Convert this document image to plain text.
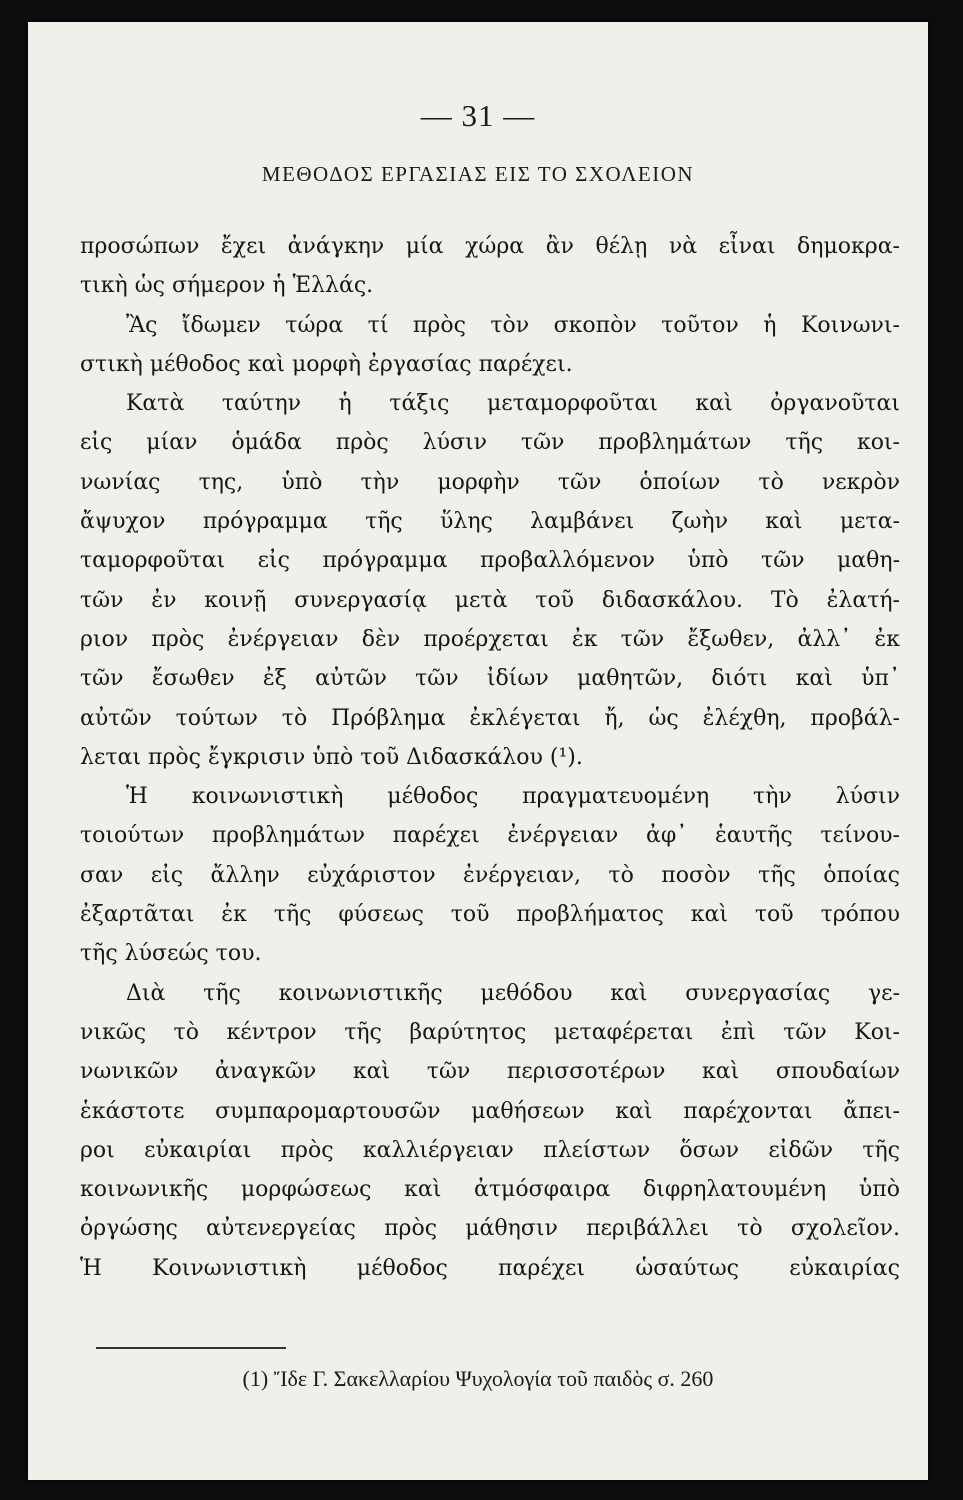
— 31 —
ΜΕΘΟΔΟΣ ΕΡΓΑΣΙΑΣ ΕΙΣ ΤΟ ΣΧΟΛΕΙΟΝ
προσώπων ἔχει ἀνάγκην μία χώρα ἂν θέλῃ νὰ εἶναι δημοκρα-
τικὴ ὡς σήμερον ἡ Ἑλλάς.
Ἂς ἴδωμεν τώρα τί πρὸς τὸν σκοπὸν τοῦτον ἡ Κοινωνι-
στικὴ μέθοδος καὶ μορφὴ ἐργασίας παρέχει.
Κατὰ ταύτην ἡ τάξις μεταμορφοῦται καὶ ὀργανοῦται
εἰς μίαν ὁμάδα πρὸς λύσιν τῶν προβλημάτων τῆς κοι-
νωνίας της, ὑπὸ τὴν μορφὴν τῶν ὁποίων τὸ νεκρὸν
ἄψυχον πρόγραμμα τῆς ὕλης λαμβάνει ζωὴν καὶ μετα-
ταμορφοῦται εἰς πρόγραμμα προβαλλόμενον ὑπὸ τῶν μαθη-
τῶν ἐν κοινῇ συνεργασίᾳ μετὰ τοῦ διδασκάλου. Τὸ ἐλατή-
ριον πρὸς ἐνέργειαν δὲν προέρχεται ἐκ τῶν ἔξωθεν, ἀλλ᾽ ἐκ
τῶν ἔσωθεν ἐξ αὐτῶν τῶν ἰδίων μαθητῶν, διότι καὶ ὑπ᾽
αὐτῶν τούτων τὸ Πρόβλημα ἐκλέγεται ἤ, ὡς ἐλέχθη, προβάλ-
λεται πρὸς ἔγκρισιν ὑπὸ τοῦ Διδασκάλου (¹).
Ἡ κοινωνιστικὴ μέθοδος πραγματευομένη τὴν λύσιν
τοιούτων προβλημάτων παρέχει ἐνέργειαν ἀφ᾽ ἑαυτῆς τείνου-
σαν εἰς ἄλλην εὐχάριστον ἐνέργειαν, τὸ ποσὸν τῆς ὁποίας
ἐξαρτᾶται ἐκ τῆς φύσεως τοῦ προβλήματος καὶ τοῦ τρόπου
τῆς λύσεώς του.
Διὰ τῆς κοινωνιστικῆς μεθόδου καὶ συνεργασίας γε-
νικῶς τὸ κέντρον τῆς βαρύτητος μεταφέρεται ἐπὶ τῶν Κοι-
νωνικῶν ἀναγκῶν καὶ τῶν περισσοτέρων καὶ σπουδαίων
ἑκάστοτε συμπαρομαρτουσῶν μαθήσεων καὶ παρέχονται ἄπει-
ροι εὐκαιρίαι πρὸς καλλιέργειαν πλείστων ὅσων εἰδῶν τῆς
κοινωνικῆς μορφώσεως καὶ ἀτμόσφαιρα διφρηλατουμένη ὑπὸ
ὀργώσης αὐτενεργείας πρὸς μάθησιν περιβάλλει τὸ σχολεῖον.
Ἡ Κοινωνιστικὴ μέθοδος παρέχει ὡσαύτως εὐκαιρίας
(1) Ἴδε Γ. Σακελλαρίου Ψυχολογία τοῦ παιδὸς σ. 260
